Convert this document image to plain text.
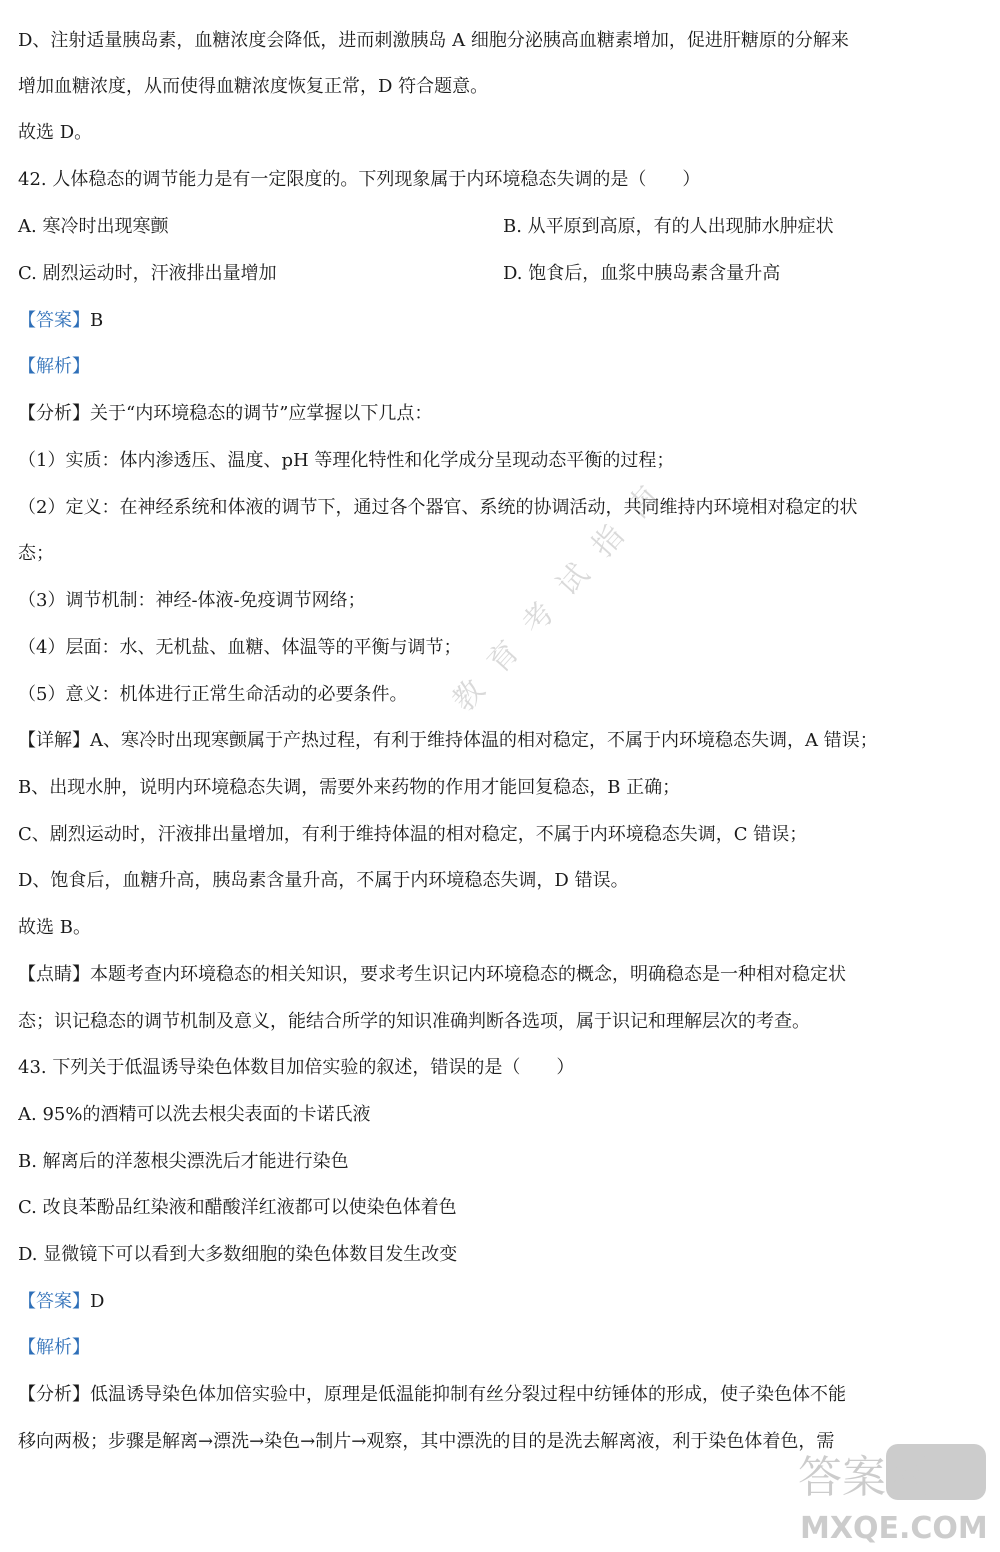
D、注射适量胰岛素，血糖浓度会降低，进而刺激胰岛 A 细胞分泌胰高血糖素增加，促进肝糖原的分解来
增加血糖浓度，从而使得血糖浓度恢复正常，D 符合题意。
故选 D。
42. 人体稳态的调节能力是有一定限度的。下列现象属于内环境稳态失调的是（　　）
A. 寒冷时出现寒颤	B. 从平原到高原，有的人出现肺水肿症状
C. 剧烈运动时，汗液排出量增加	D. 饱食后，血浆中胰岛素含量升高
【答案】B
【解析】
【分析】关于“内环境稳态的调节”应掌握以下几点：
（1）实质：体内渗透压、温度、pH 等理化特性和化学成分呈现动态平衡的过程；
（2）定义：在神经系统和体液的调节下，通过各个器官、系统的协调活动，共同维持内环境相对稳定的状
态；
（3）调节机制：神经-体液-免疫调节网络；
（4）层面：水、无机盐、血糖、体温等的平衡与调节；
（5）意义：机体进行正常生命活动的必要条件。
【详解】A、寒冷时出现寒颤属于产热过程，有利于维持体温的相对稳定，不属于内环境稳态失调，A 错误；
B、出现水肿，说明内环境稳态失调，需要外来药物的作用才能回复稳态，B 正确；
C、剧烈运动时，汗液排出量增加，有利于维持体温的相对稳定，不属于内环境稳态失调，C 错误；
D、饱食后，血糖升高，胰岛素含量升高，不属于内环境稳态失调，D 错误。
故选 B。
【点睛】本题考查内环境稳态的相关知识，要求考生识记内环境稳态的概念，明确稳态是一种相对稳定状
态；识记稳态的调节机制及意义，能结合所学的知识准确判断各选项，属于识记和理解层次的考查。
43. 下列关于低温诱导染色体数目加倍实验的叙述，错误的是（　　）
A. 95%的酒精可以洗去根尖表面的卡诺氏液
B. 解离后的洋葱根尖漂洗后才能进行染色
C. 改良苯酚品红染液和醋酸洋红液都可以使染色体着色
D. 显微镜下可以看到大多数细胞的染色体数目发生改变
【答案】D
【解析】
【分析】低温诱导染色体加倍实验中，原理是低温能抑制有丝分裂过程中纺锤体的形成，使子染色体不能
移向两极；步骤是解离→漂洗→染色→制片→观察，其中漂洗的目的是洗去解离液，利于染色体着色，需
教育考试指南
答案圈
MXQE.COM
